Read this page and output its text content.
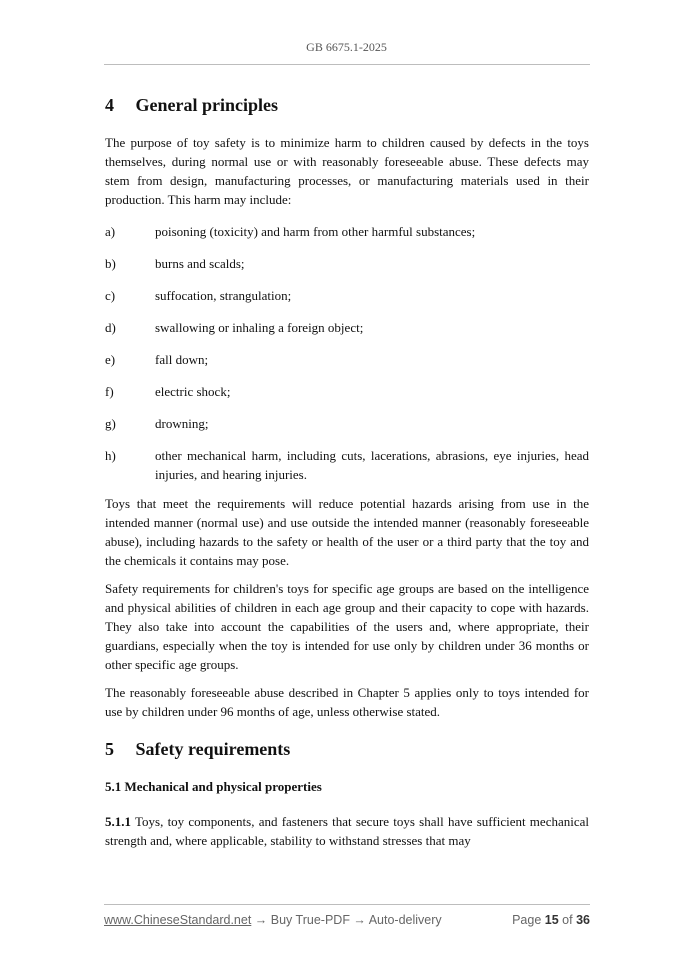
GB 6675.1-2025
4 General principles

The purpose of toy safety is to minimize harm to children caused by defects in the toys themselves, during normal use or with reasonably foreseeable abuse. These defects may stem from design, manufacturing processes, or manufacturing materials used in their production. This harm may include:

a)	poisoning (toxicity) and harm from other harmful substances;
b)	burns and scalds;
c)	suffocation, strangulation;
d)	swallowing or inhaling a foreign object;
e)	fall down;
f)	electric shock;
g)	drowning;
h)	other mechanical harm, including cuts, lacerations, abrasions, eye injuries, head injuries, and hearing injuries.

Toys that meet the requirements will reduce potential hazards arising from use in the intended manner (normal use) and use outside the intended manner (reasonably foreseeable abuse), including hazards to the safety or health of the user or a third party that the toy and the chemicals it contains may pose.

Safety requirements for children's toys for specific age groups are based on the intelligence and physical abilities of children in each age group and their capacity to cope with hazards. They also take into account the capabilities of the users and, where appropriate, their guardians, especially when the toy is intended for use only by children under 36 months or other specific age groups.

The reasonably foreseeable abuse described in Chapter 5 applies only to toys intended for use by children under 96 months of age, unless otherwise stated.

5 Safety requirements
5.1 Mechanical and physical properties

5.1.1 Toys, toy components, and fasteners that secure toys shall have sufficient mechanical strength and, where applicable, stability to withstand stresses that may

www.ChineseStandard.net → Buy True-PDF → Auto-delivery	Page 15 of 36
